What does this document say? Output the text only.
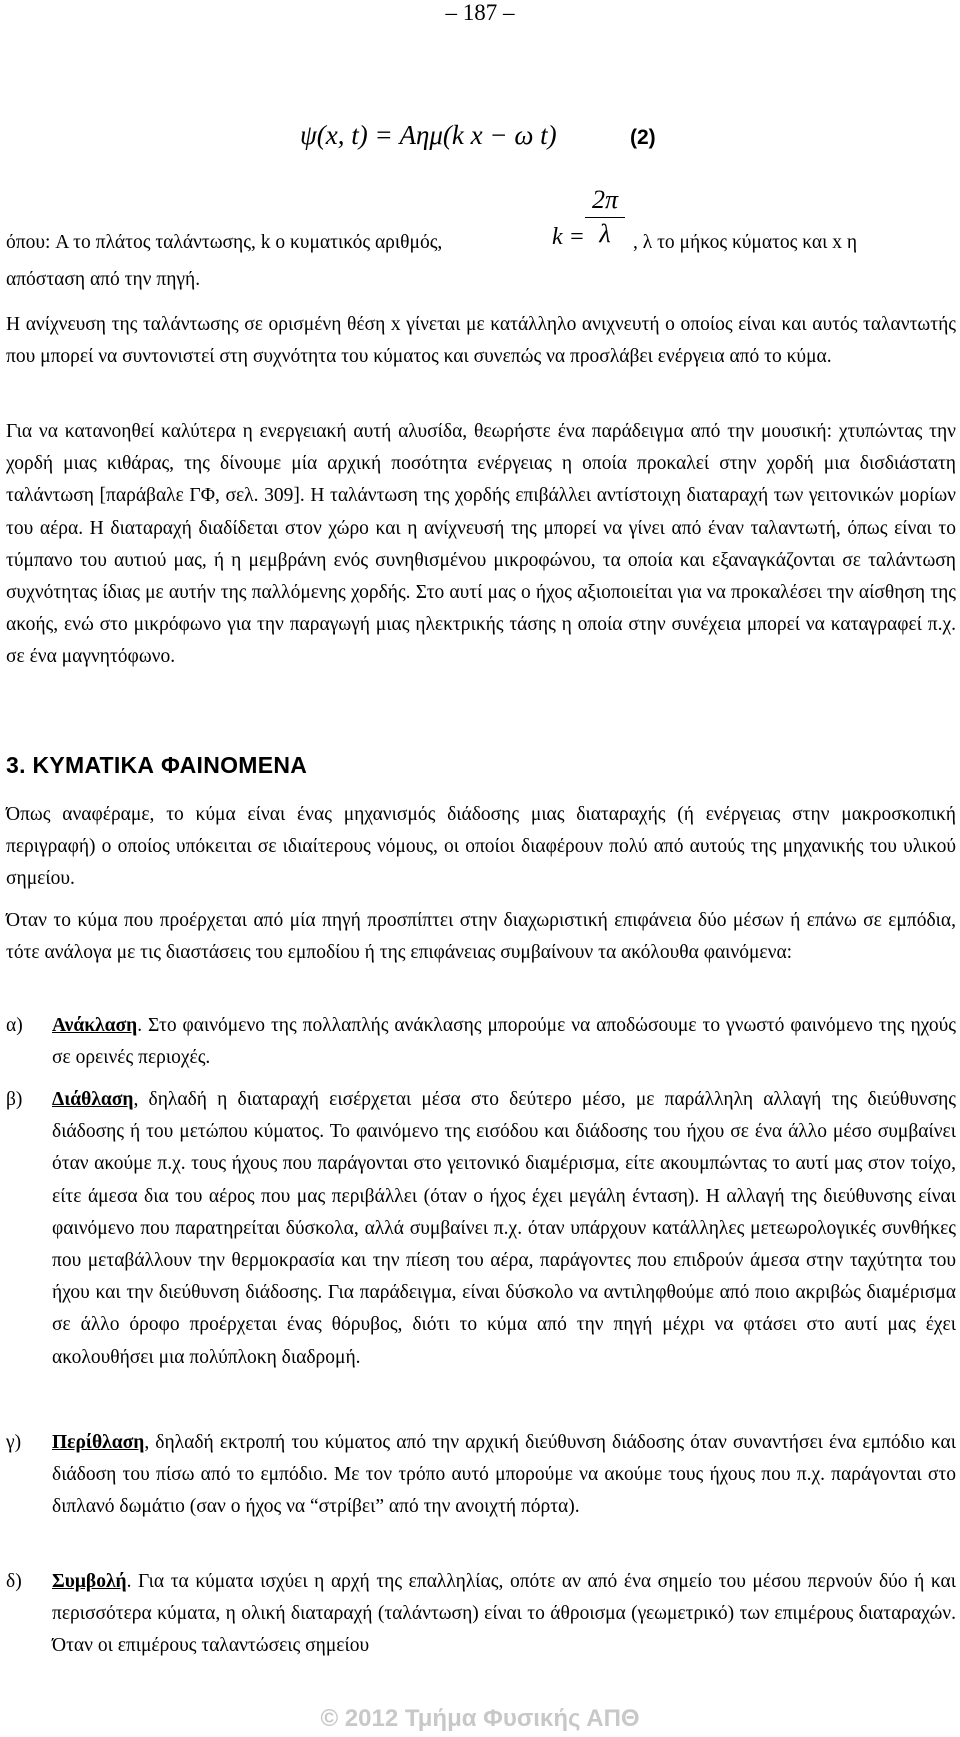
– 187 –
ψ(x, t) = Aημ(k x − ω t)	(2)
όπου: A το πλάτος ταλάντωσης, k ο κυματικός αριθμός,	$k = \frac{2\pi}{\lambda}$ , λ το μήκος κύματος και x η
απόσταση από την πηγή.
Η ανίχνευση της ταλάντωσης σε ορισμένη θέση x γίνεται με κατάλληλο ανιχνευτή ο οποίος είναι και αυτός ταλαντωτής που μπορεί να συντονιστεί στη συχνότητα του κύματος και συνεπώς να προσλάβει ενέργεια από το κύμα.
Για να κατανοηθεί καλύτερα η ενεργειακή αυτή αλυσίδα, θεωρήστε ένα παράδειγμα από την μουσική: χτυπώντας την χορδή μιας κιθάρας, της δίνουμε μία αρχική ποσότητα ενέργειας η οποία προκαλεί στην χορδή μια δισδιάστατη ταλάντωση [παράβαλε ΓΦ, σελ. 309]. Η ταλάντωση της χορδής επιβάλλει αντίστοιχη διαταραχή των γειτονικών μορίων του αέρα. Η διαταραχή διαδίδεται στον χώρο και η ανίχνευσή της μπορεί να γίνει από έναν ταλαντωτή, όπως είναι το τύμπανο του αυτιού μας, ή η μεμβράνη ενός συνηθισμένου μικροφώνου, τα οποία και εξαναγκάζονται σε ταλάντωση συχνότητας ίδιας με αυτήν της παλλόμενης χορδής. Στο αυτί μας ο ήχος αξιοποιείται για να προκαλέσει την αίσθηση της ακοής, ενώ στο μικρόφωνο για την παραγωγή μιας ηλεκτρικής τάσης η οποία στην συνέχεια μπορεί να καταγραφεί π.χ. σε ένα μαγνητόφωνο.
3. ΚΥΜΑΤΙΚΑ ΦΑΙΝΟΜΕΝΑ
Όπως αναφέραμε, το κύμα είναι ένας μηχανισμός διάδοσης μιας διαταραχής (ή ενέργειας στην μακροσκοπική περιγραφή) ο οποίος υπόκειται σε ιδιαίτερους νόμους, οι οποίοι διαφέρουν πολύ από αυτούς της μηχανικής του υλικού σημείου.
Όταν το κύμα που προέρχεται από μία πηγή προσπίπτει στην διαχωριστική επιφάνεια δύο μέσων ή επάνω σε εμπόδια, τότε ανάλογα με τις διαστάσεις του εμποδίου ή της επιφάνειας συμβαίνουν τα ακόλουθα φαινόμενα:
α)	Ανάκλαση. Στο φαινόμενο της πολλαπλής ανάκλασης μπορούμε να αποδώσουμε το γνωστό φαινόμενο της ηχούς σε ορεινές περιοχές.
β)	Διάθλαση, δηλαδή η διαταραχή εισέρχεται μέσα στο δεύτερο μέσο, με παράλληλη αλλαγή της διεύθυνσης διάδοσης ή του μετώπου κύματος. Το φαινόμενο της εισόδου και διάδοσης του ήχου σε ένα άλλο μέσο συμβαίνει όταν ακούμε π.χ. τους ήχους που παράγονται στο γειτονικό διαμέρισμα, είτε ακουμπώντας το αυτί μας στον τοίχο, είτε άμεσα δια του αέρος που μας περιβάλλει (όταν ο ήχος έχει μεγάλη ένταση). Η αλλαγή της διεύθυνσης είναι φαινόμενο που παρατηρείται δύσκολα, αλλά συμβαίνει π.χ. όταν υπάρχουν κατάλληλες μετεωρολογικές συνθήκες που μεταβάλλουν την θερμοκρασία και την πίεση του αέρα, παράγοντες που επιδρούν άμεσα στην ταχύτητα του ήχου και την διεύθυνση διάδοσης. Για παράδειγμα, είναι δύσκολο να αντιληφθούμε από ποιο ακριβώς διαμέρισμα σε άλλο όροφο προέρχεται ένας θόρυβος, διότι το κύμα από την πηγή μέχρι να φτάσει στο αυτί μας έχει ακολουθήσει μια πολύπλοκη διαδρομή.
γ)	Περίθλαση, δηλαδή εκτροπή του κύματος από την αρχική διεύθυνση διάδοσης όταν συναντήσει ένα εμπόδιο και διάδοση του πίσω από το εμπόδιο. Με τον τρόπο αυτό μπορούμε να ακούμε τους ήχους που π.χ. παράγονται στο διπλανό δωμάτιο (σαν ο ήχος να “στρίβει” από την ανοιχτή πόρτα).
δ)	Συμβολή. Για τα κύματα ισχύει η αρχή της επαλληλίας, οπότε αν από ένα σημείο του μέσου περνούν δύο ή και περισσότερα κύματα, η ολική διαταραχή (ταλάντωση) είναι το άθροισμα (γεωμετρικό) των επιμέρους διαταραχών. Όταν οι επιμέρους ταλαντώσεις σημείου
© 2012 Τμήμα Φυσικής ΑΠΘ
